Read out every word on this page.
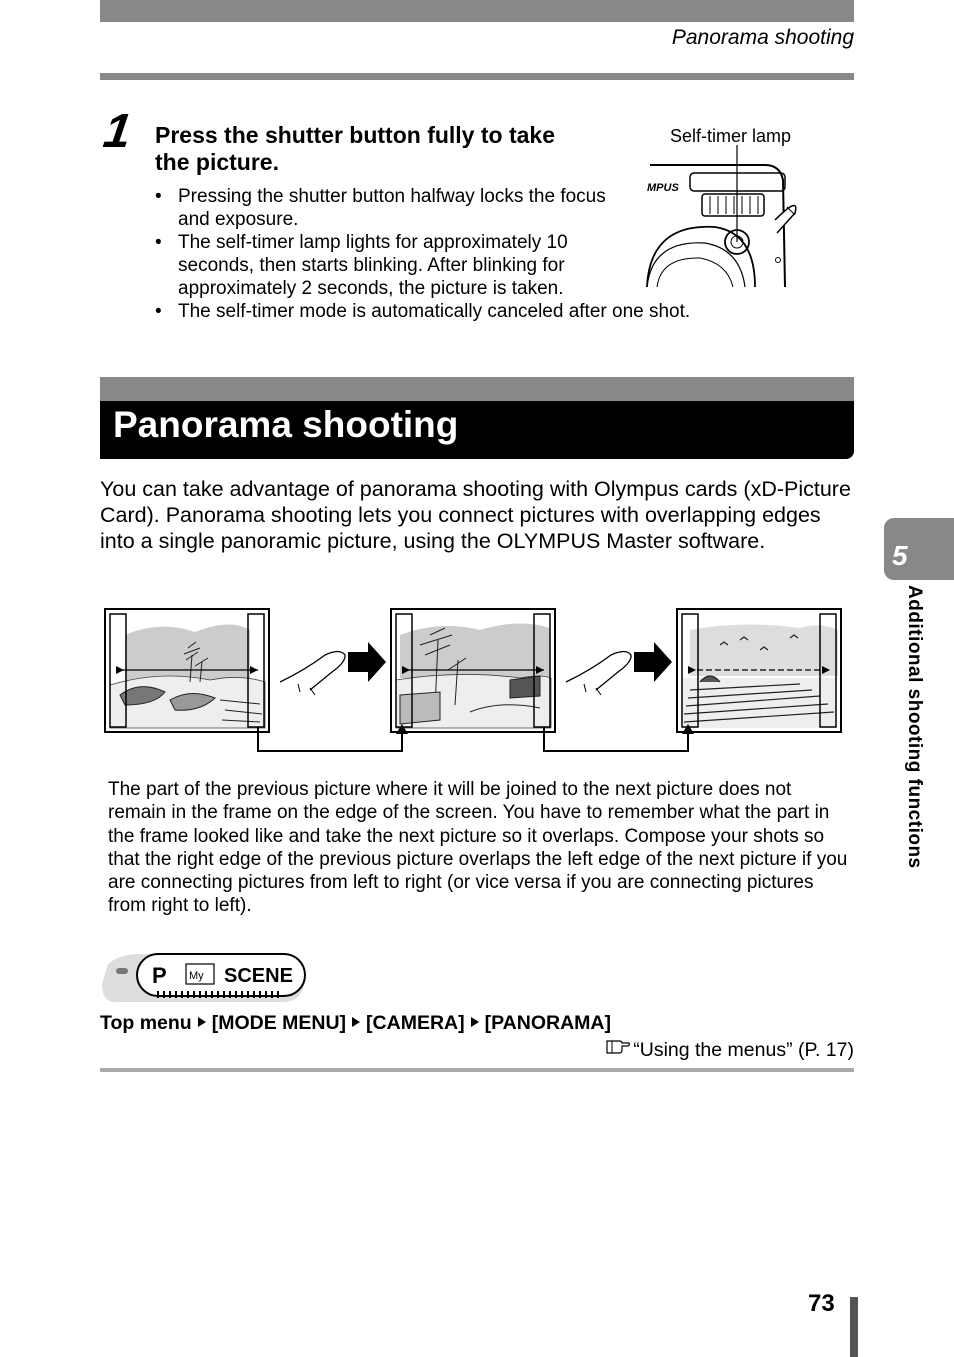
Panorama shooting
1 Press the shutter button fully to take the picture.
• Pressing the shutter button halfway locks the focus and exposure.
• The self-timer lamp lights for approximately 10 seconds, then starts blinking. After blinking for approximately 2 seconds, the picture is taken.
• The self-timer mode is automatically canceled after one shot.
Self-timer lamp
MPUS
Panorama shooting
You can take advantage of panorama shooting with Olympus cards (xD-Picture Card). Panorama shooting lets you connect pictures with overlapping edges into a single panoramic picture, using the OLYMPUS Master software.
The part of the previous picture where it will be joined to the next picture does not remain in the frame on the edge of the screen. You have to remember what the part in the frame looked like and take the next picture so it overlaps. Compose your shots so that the right edge of the previous picture overlaps the left edge of the next picture if you are connecting pictures from left to right (or vice versa if you are connecting pictures from right to left).
P My SCENE
Top menu [MODE MENU] [CAMERA] [PANORAMA]
“Using the menus” (P. 17)
5
Additional shooting functions
73
